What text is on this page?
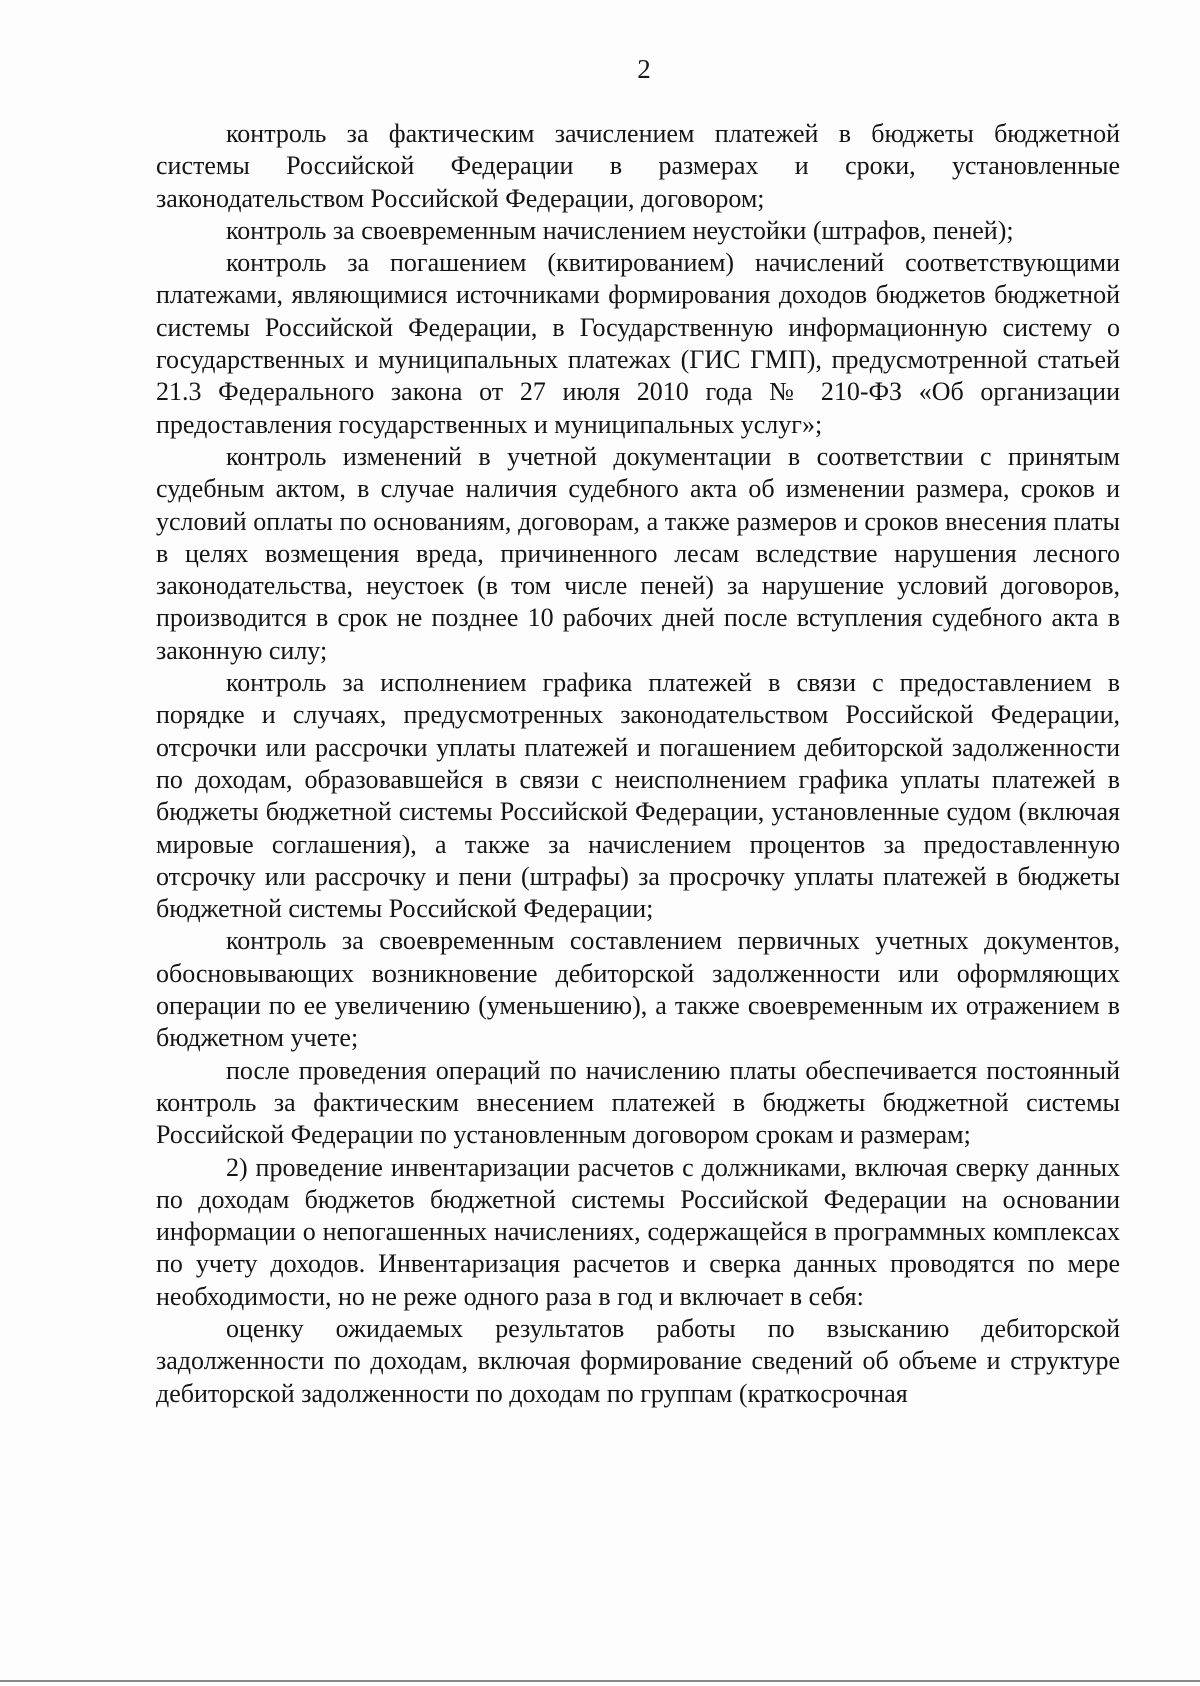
2

контроль за фактическим зачислением платежей в бюджеты бюджетной системы Российской Федерации в размерах и сроки, установленные законодательством Российской Федерации, договором;

контроль за своевременным начислением неустойки (штрафов, пеней);

контроль за погашением (квитированием) начислений соответствующими платежами, являющимися источниками формирования доходов бюджетов бюджетной системы Российской Федерации, в Государственную информационную систему о государственных и муниципальных платежах (ГИС ГМП), предусмотренной статьей 21.3 Федерального закона от 27 июля 2010 года № 210-ФЗ «Об организации предоставления государственных и муниципальных услуг»;

контроль изменений в учетной документации в соответствии с принятым судебным актом, в случае наличия судебного акта об изменении размера, сроков и условий оплаты по основаниям, договорам, а также размеров и сроков внесения платы в целях возмещения вреда, причиненного лесам вследствие нарушения лесного законодательства, неустоек (в том числе пеней) за нарушение условий договоров, производится в срок не позднее 10 рабочих дней после вступления судебного акта в законную силу;

контроль за исполнением графика платежей в связи с предоставлением в порядке и случаях, предусмотренных законодательством Российской Федерации, отсрочки или рассрочки уплаты платежей и погашением дебиторской задолженности по доходам, образовавшейся в связи с неисполнением графика уплаты платежей в бюджеты бюджетной системы Российской Федерации, установленные судом (включая мировые соглашения), а также за начислением процентов за предоставленную отсрочку или рассрочку и пени (штрафы) за просрочку уплаты платежей в бюджеты бюджетной системы Российской Федерации;

контроль за своевременным составлением первичных учетных документов, обосновывающих возникновение дебиторской задолженности или оформляющих операции по ее увеличению (уменьшению), а также своевременным их отражением в бюджетном учете;

после проведения операций по начислению платы обеспечивается постоянный контроль за фактическим внесением платежей в бюджеты бюджетной системы Российской Федерации по установленным договором срокам и размерам;

2) проведение инвентаризации расчетов с должниками, включая сверку данных по доходам бюджетов бюджетной системы Российской Федерации на основании информации о непогашенных начислениях, содержащейся в программных комплексах по учету доходов. Инвентаризация расчетов и сверка данных проводятся по мере необходимости, но не реже одного раза в год и включает в себя:

оценку ожидаемых результатов работы по взысканию дебиторской задолженности по доходам, включая формирование сведений об объеме и структуре дебиторской задолженности по доходам по группам (краткосрочная
